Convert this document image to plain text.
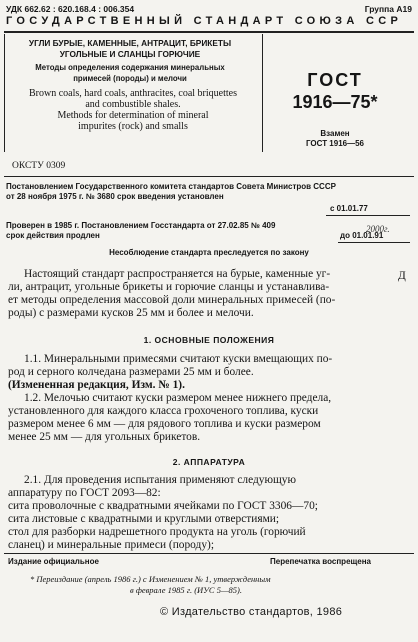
УДК 662.62 : 620.168.4 : 006.354	Группа А19
ГОСУДАРСТВЕННЫЙ СТАНДАРТ СОЮЗА ССР
УГЛИ БУРЫЕ, КАМЕННЫЕ, АНТРАЦИТ, БРИКЕТЫ
УГОЛЬНЫЕ И СЛАНЦЫ ГОРЮЧИЕ
Методы определения содержания минеральных
примесей (породы) и мелочи
Brown coals, hard coals, anthracites, coal briquettes
and combustible shales.
Methods for determination of mineral
impurites (rock) and smalls
ГОСТ
1916—75*
Взамен
ГОСТ 1916—56
ОКСТУ 0309
Постановлением Государственного комитета стандартов Совета Министров СССР
от 28 ноября 1975 г. № 3680 срок введения установлен
с 01.01.77
Проверен в 1985 г. Постановлением Госстандарта от 27.02.85 № 409
срок действия продлен	до 01.01.91
2000г.
Несоблюдение стандарта преследуется по закону
Настоящий стандарт распространяется на бурые, каменные уг-
ли, антрацит, угольные брикеты и горючие сланцы и устанавлива-
ет методы определения массовой доли минеральных примесей (по-
роды) с размерами кусков 25 мм и более и мелочи.
Д
1. ОСНОВНЫЕ ПОЛОЖЕНИЯ
1.1. Минеральными примесями считают куски вмещающих по-
род и серного колчедана размерами 25 мм и более.
(Измененная редакция, Изм. № 1).
1.2. Мелочью считают куски размером менее нижнего предела,
установленного для каждого класса грохоченого топлива, куски
размером менее 6 мм — для рядового топлива и куски размером
менее 25 мм — для угольных брикетов.
2. АППАРАТУРА
2.1. Для проведения испытания применяют следующую
аппаратуру по ГОСТ 2093—82:
сита проволочные с квадратными ячейками по ГОСТ 3306—70;
сита листовые с квадратными и круглыми отверстиями;
стол для разборки надрешетного продукта на уголь (горючий
сланец) и минеральные примеси (породу);
Издание официальное	Перепечатка воспрещена
* Переиздание (апрель 1986 г.) с Изменением № 1, утвержденным
в феврале 1985 г. (ИУС 5—85).
© Издательство стандартов, 1986
